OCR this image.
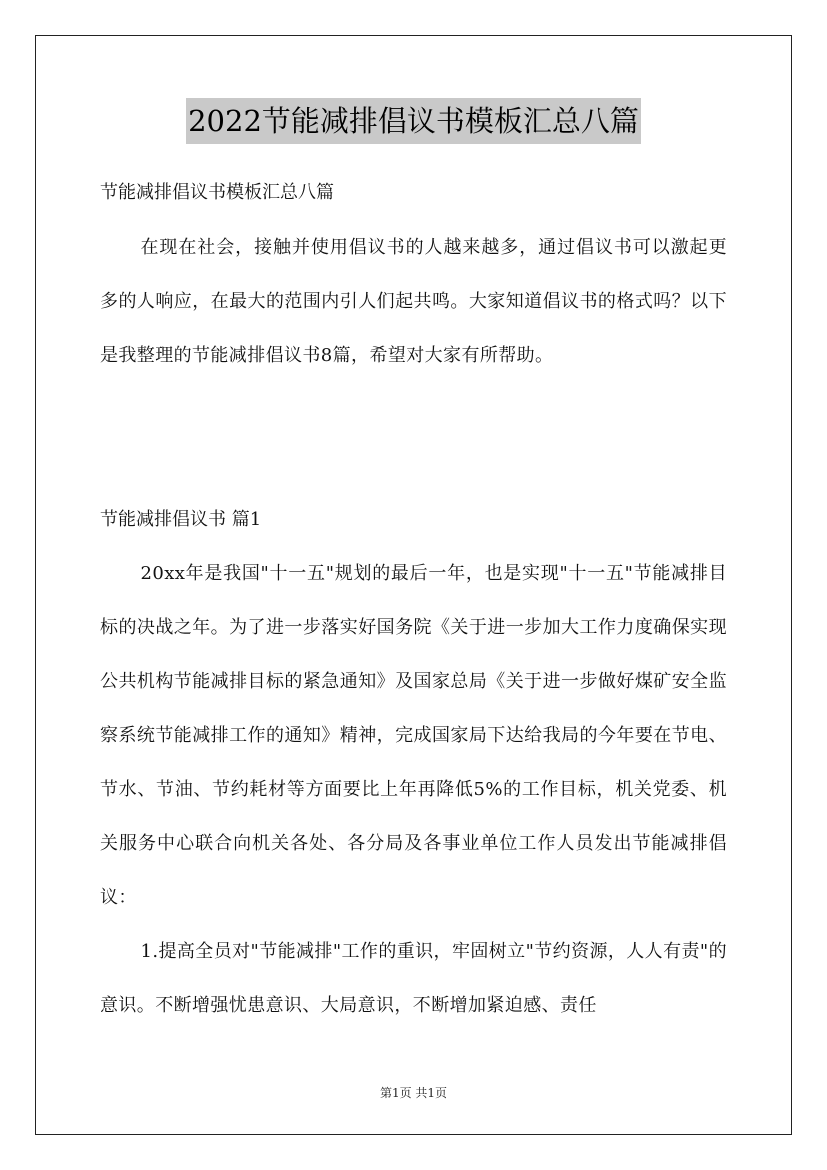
2022节能减排倡议书模板汇总八篇
节能减排倡议书模板汇总八篇

在现在社会，接触并使用倡议书的人越来越多，通过倡议书可以激起更多的人响应，在最大的范围内引人们起共鸣。大家知道倡议书的格式吗？以下是我整理的节能减排倡议书8篇，希望对大家有所帮助。

节能减排倡议书 篇1

20xx年是我国"十一五"规划的最后一年，也是实现"十一五"节能减排目标的决战之年。为了进一步落实好国务院《关于进一步加大工作力度确保实现公共机构节能减排目标的紧急通知》及国家总局《关于进一步做好煤矿安全监察系统节能减排工作的通知》精神，完成国家局下达给我局的今年要在节电、节水、节油、节约耗材等方面要比上年再降低5%的工作目标，机关党委、机关服务中心联合向机关各处、各分局及各事业单位工作人员发出节能减排倡议：

1.提高全员对"节能减排"工作的重识，牢固树立"节约资源，人人有责"的意识。不断增强忧患意识、大局意识，不断增加紧迫感、责任

第1页 共1页
